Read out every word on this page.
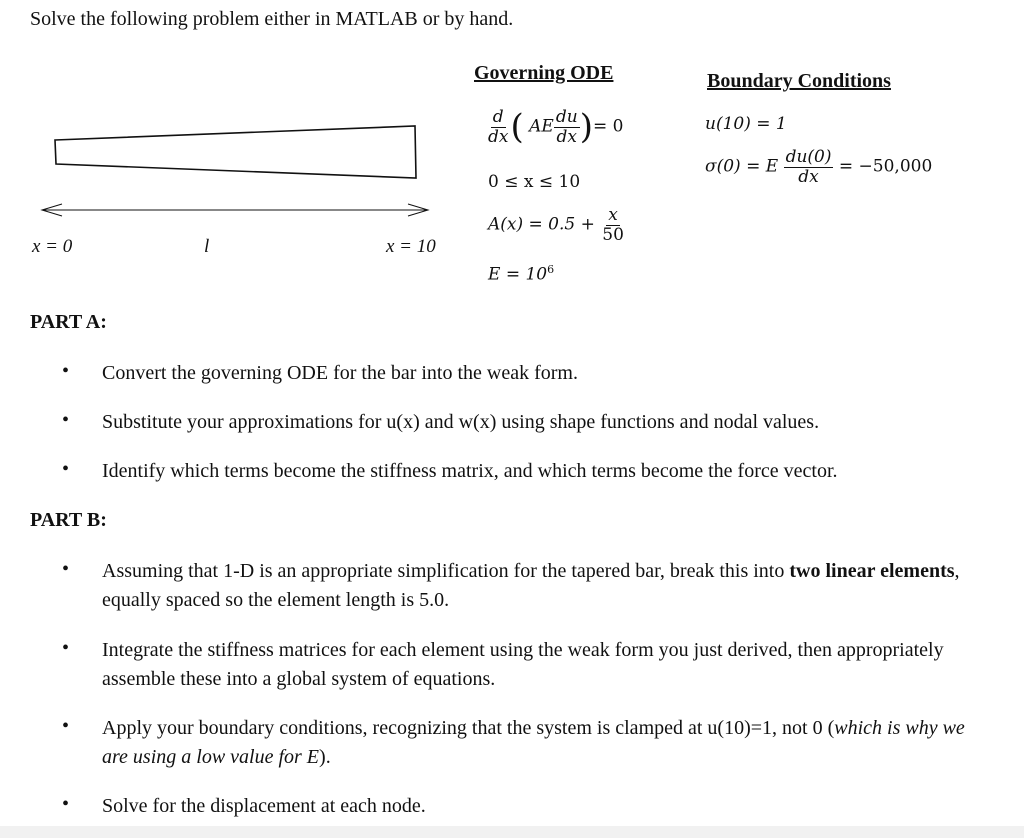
Solve the following problem either in MATLAB or by hand.
x = 0	l	x = 10
Governing ODE
$\frac{d}{dx}$ ( AE $\frac{du}{dx}$ )= 0
0 ≤ x ≤ 10
$A(x) = 0.5 + \frac{x}{50}$
$E = 10^6$
Boundary Conditions
u(10) = 1
σ(0) = E $\frac{du(0)}{dx} = -50,000$
PART A:
• Convert the governing ODE for the bar into the weak form.
• Substitute your approximations for u(x) and w(x) using shape functions and nodal values.
• Identify which terms become the stiffness matrix, and which terms become the force vector.
PART B:
• Assuming that 1-D is an appropriate simplification for the tapered bar, break this into two linear elements, equally spaced so the element length is 5.0.
• Integrate the stiffness matrices for each element using the weak form you just derived, then appropriately assemble these into a global system of equations.
• Apply your boundary conditions, recognizing that the system is clamped at u(10)=1, not 0 (which is why we are using a low value for E).
• Solve for the displacement at each node.
